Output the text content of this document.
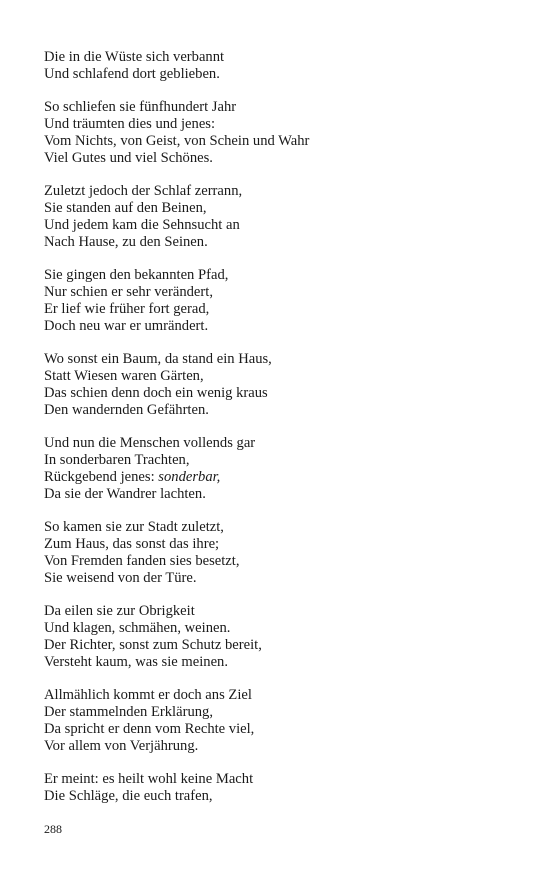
Die in die Wüste sich verbannt
Und schlafend dort geblieben.
So schliefen sie fünfhundert Jahr
Und träumten dies und jenes:
Vom Nichts, von Geist, von Schein und Wahr
Viel Gutes und viel Schönes.
Zuletzt jedoch der Schlaf zerrann,
Sie standen auf den Beinen,
Und jedem kam die Sehnsucht an
Nach Hause, zu den Seinen.
Sie gingen den bekannten Pfad,
Nur schien er sehr verändert,
Er lief wie früher fort gerad,
Doch neu war er umrändert.
Wo sonst ein Baum, da stand ein Haus,
Statt Wiesen waren Gärten,
Das schien denn doch ein wenig kraus
Den wandernden Gefährten.
Und nun die Menschen vollends gar
In sonderbaren Trachten,
Rückgebend jenes: sonderbar,
Da sie der Wandrer lachten.
So kamen sie zur Stadt zuletzt,
Zum Haus, das sonst das ihre;
Von Fremden fanden sies besetzt,
Sie weisend von der Türe.
Da eilen sie zur Obrigkeit
Und klagen, schmähen, weinen.
Der Richter, sonst zum Schutz bereit,
Versteht kaum, was sie meinen.
Allmählich kommt er doch ans Ziel
Der stammelnden Erklärung,
Da spricht er denn vom Rechte viel,
Vor allem von Verjährung.
Er meint: es heilt wohl keine Macht
Die Schläge, die euch trafen,
288
